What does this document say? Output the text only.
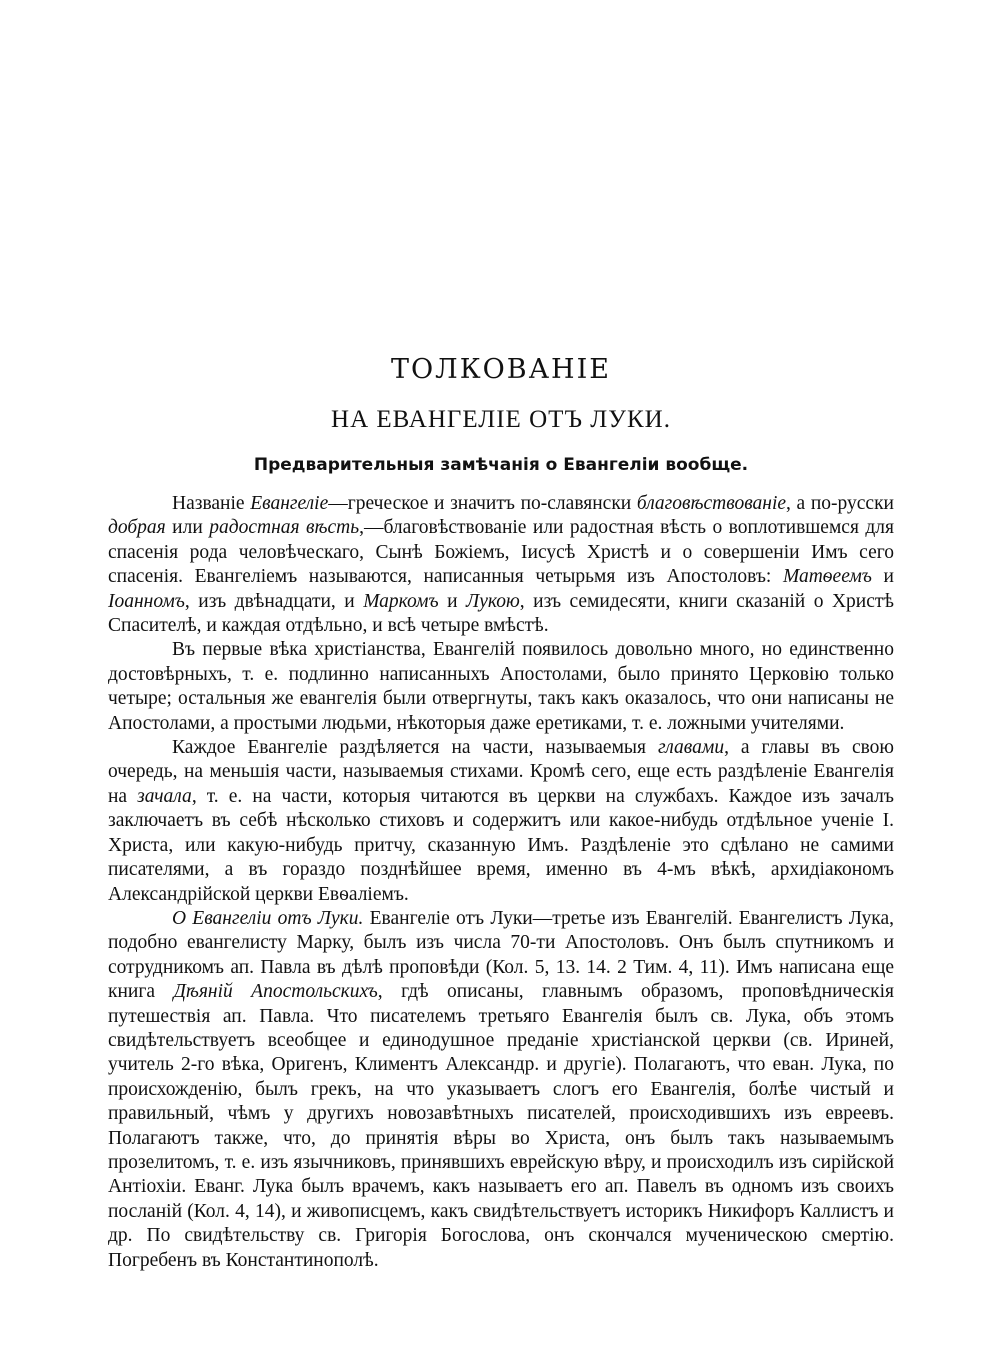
ТОЛКОВАНІЕ
НА ЕВАНГЕЛІЕ ОТЪ ЛУКИ.
Предварительныя замѣчанія о Евангеліи вообще.

Названіе Евангеліе—греческое и значитъ по-славянски благовѣствованіе, а по-русски добрая или радостная вѣсть,—благовѣствованіе или радостная вѣсть о воплотившемся для спасенія рода человѣческаго, Сынѣ Божіемъ, Іисусѣ Христѣ и о совершеніи Имъ сего спасенія. Евангеліемъ называются, написанныя четырьмя изъ Апостоловъ: Матѳеемъ и Іоанномъ, изъ двѣнадцати, и Маркомъ и Лукою, изъ семидесяти, книги сказаній о Христѣ Спасителѣ, и каждая отдѣльно, и всѣ четыре вмѣстѣ.

Въ первые вѣка христіанства, Евангелій появилось довольно много, но единственно достовѣрныхъ, т. е. подлинно написанныхъ Апостолами, было принято Церковію только четыре; остальныя же евангелія были отвергнуты, такъ какъ оказалось, что они написаны не Апостолами, а простыми людьми, нѣкоторыя даже еретиками, т. е. ложными учителями.

Каждое Евангеліе раздѣляется на части, называемыя главами, а главы въ свою очередь, на меньшія части, называемыя стихами. Кромѣ сего, еще есть раздѣленіе Евангелія на зачала, т. е. на части, которыя читаются въ церкви на службахъ. Каждое изъ зачалъ заключаетъ въ себѣ нѣсколько стиховъ и содержитъ или какое-нибудь отдѣльное ученіе І. Христа, или какую-нибудь притчу, сказанную Имъ. Раздѣленіе это сдѣлано не самими писателями, а въ гораздо позднѣйшее время, именно въ 4-мъ вѣкѣ, архидіакономъ Александрійской церкви Евѳаліемъ.

О Евангеліи отъ Луки. Евангеліе отъ Луки—третье изъ Евангелій. Евангелистъ Лука, подобно евангелисту Марку, былъ изъ числа 70-ти Апостоловъ. Онъ былъ спутникомъ и сотрудникомъ ап. Павла въ дѣлѣ проповѣди (Кол. 5, 13. 14. 2 Тим. 4, 11). Имъ написана еще книга Дѣяній Апостольскихъ, гдѣ описаны, главнымъ образомъ, проповѣдническія путешествія ап. Павла. Что писателемъ третьяго Евангелія былъ св. Лука, объ этомъ свидѣтельствуетъ всеобщее и единодушное преданіе христіанской церкви (св. Ириней, учитель 2-го вѣка, Оригенъ, Климентъ Александр. и другіе). Полагаютъ, что еван. Лука, по происхожденію, былъ грекъ, на что указываетъ слогъ его Евангелія, болѣе чистый и правильный, чѣмъ у другихъ новозавѣтныхъ писателей, происходившихъ изъ евреевъ. Полагаютъ также, что, до принятія вѣры во Христа, онъ былъ такъ называемымъ прозелитомъ, т. е. изъ язычниковъ, принявшихъ еврейскую вѣру, и происходилъ изъ сирійской Антіохіи. Еванг. Лука былъ врачемъ, какъ называетъ его ап. Павелъ въ одномъ изъ своихъ посланій (Кол. 4, 14), и живописцемъ, какъ свидѣтельствуетъ историкъ Никифоръ Каллистъ и др. По свидѣтельству св. Григорія Богослова, онъ скончался мученическою смертію. Погребенъ въ Константинополѣ.
